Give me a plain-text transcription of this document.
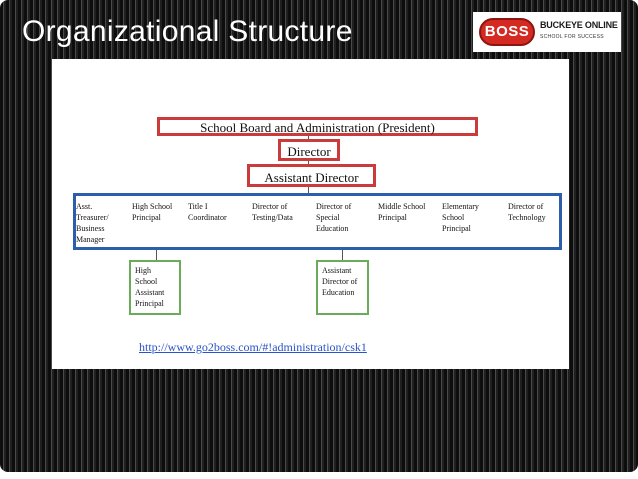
Organizational Structure	BOSS	BUCKEYE ONLINE
SCHOOL FOR SUCCESS
School Board and Administration (President)
Director
Assistant Director
Asst.
Treasurer/
Business
Manager
High School
Principal
Title I
Coordinator
Director of
Testing/Data
Director of
Special
Education
Middle School
Principal
Elementary
School
Principal
Director of
Technology
High
School
Assistant
Principal
Assistant
Director of
Education
http://www.go2boss.com/#!administration/csk1
